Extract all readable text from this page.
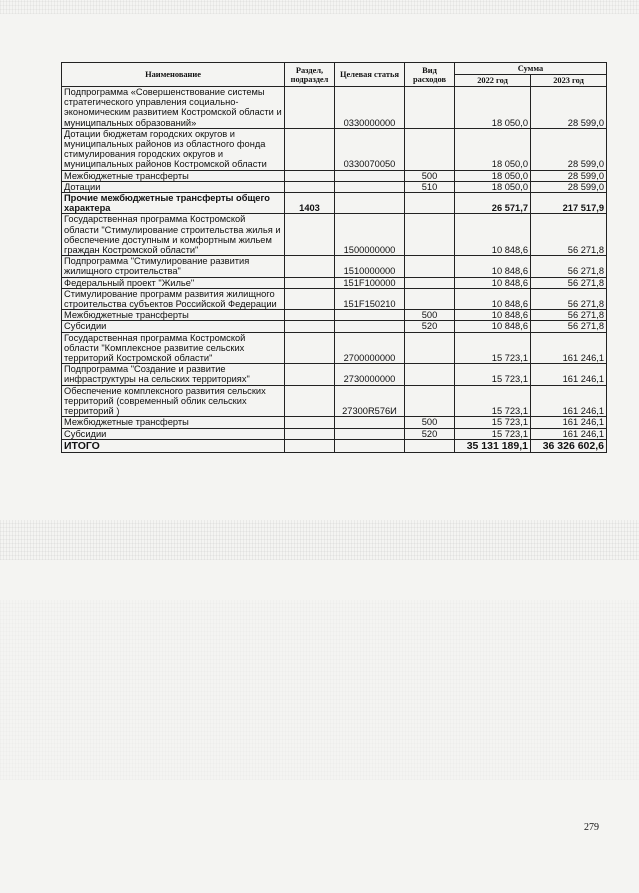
Наименование	Раздел, подраздел	Целевая статья	Вид расходов	Сумма	
				2022 год	2023 год
Подпрограмма «Совершенствование системы стратегического управления социально-экономическим развитием Костромской области и муниципальных образований»		0330000000		18 050,0	28 599,0
Дотации бюджетам городских округов и муниципальных районов из областного фонда стимулирования городских округов и муниципальных районов Костромской области		0330070050		18 050,0	28 599,0
Межбюджетные трансферты			500	18 050,0	28 599,0
Дотации			510	18 050,0	28 599,0
Прочие межбюджетные трансферты общего характера	1403			26 571,7	217 517,9
Государственная программа Костромской области "Стимулирование строительства жилья и обеспечение доступным и комфортным жильем граждан Костромской области"		1500000000		10 848,6	56 271,8
Подпрограмма "Стимулирование развития жилищного строительства"		1510000000		10 848,6	56 271,8
Федеральный проект "Жилье"		151F100000		10 848,6	56 271,8
Стимулирование программ развития жилищного строительства субъектов Российской Федерации		151F150210		10 848,6	56 271,8
Межбюджетные трансферты			500	10 848,6	56 271,8
Субсидии			520	10 848,6	56 271,8
Государственная программа Костромской области "Комплексное развитие сельских территорий Костромской области"		2700000000		15 723,1	161 246,1
Подпрограмма "Создание и развитие инфраструктуры на сельских территориях"		2730000000		15 723,1	161 246,1
Обеспечение комплексного развития сельских территорий (современный облик сельских территорий )		27300R576И		15 723,1	161 246,1
Межбюджетные трансферты			500	15 723,1	161 246,1
Субсидии			520	15 723,1	161 246,1
ИТОГО				35 131 189,1	36 326 602,6
279
